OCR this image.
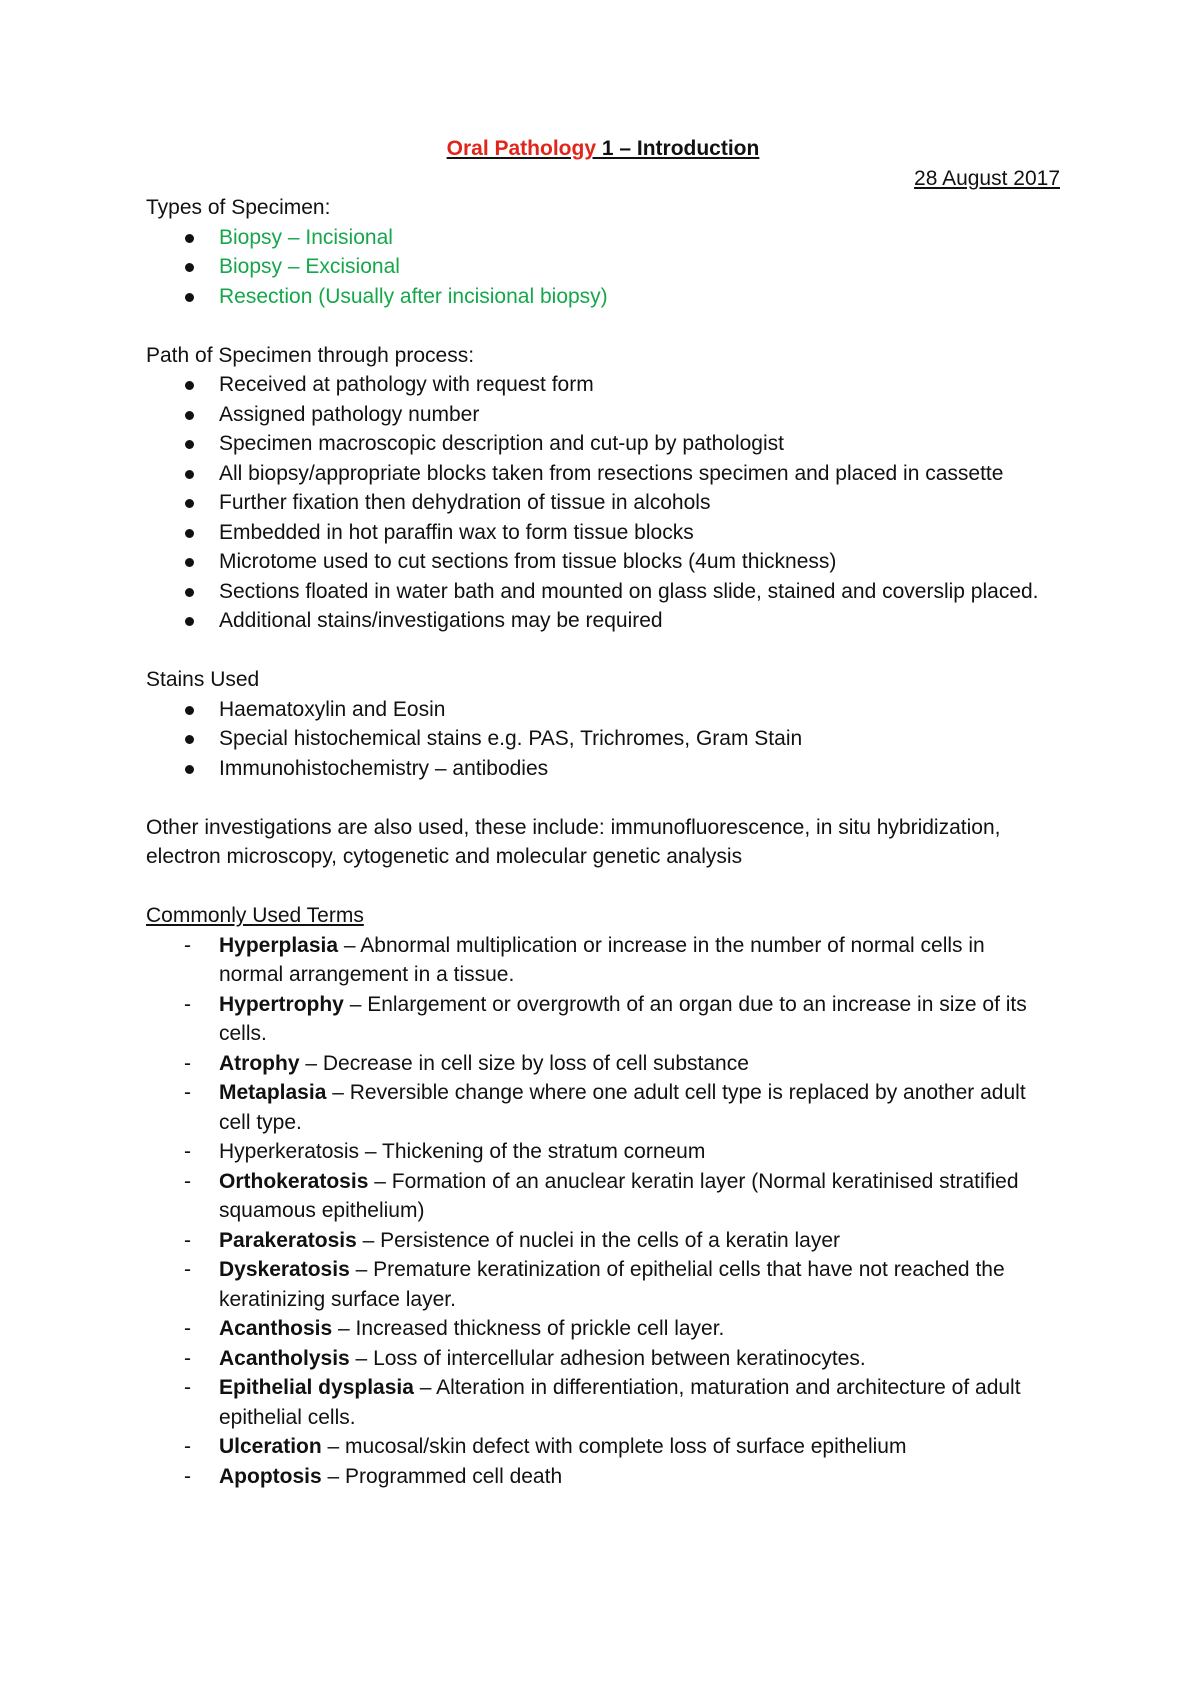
Oral Pathology 1 – Introduction
28 August 2017
Types of Specimen:
Biopsy – Incisional
Biopsy – Excisional
Resection (Usually after incisional biopsy)
Path of Specimen through process:
Received at pathology with request form
Assigned pathology number
Specimen macroscopic description and cut-up by pathologist
All biopsy/appropriate blocks taken from resections specimen and placed in cassette
Further fixation then dehydration of tissue in alcohols
Embedded in hot paraffin wax to form tissue blocks
Microtome used to cut sections from tissue blocks (4um thickness)
Sections floated in water bath and mounted on glass slide, stained and coverslip placed.
Additional stains/investigations may be required
Stains Used
Haematoxylin and Eosin
Special histochemical stains e.g. PAS, Trichromes, Gram Stain
Immunohistochemistry – antibodies
Other investigations are also used, these include: immunofluorescence, in situ hybridization, electron microscopy, cytogenetic and molecular genetic analysis
Commonly Used Terms
- Hyperplasia – Abnormal multiplication or increase in the number of normal cells in normal arrangement in a tissue.
- Hypertrophy – Enlargement or overgrowth of an organ due to an increase in size of its cells.
- Atrophy – Decrease in cell size by loss of cell substance
- Metaplasia – Reversible change where one adult cell type is replaced by another adult cell type.
- Hyperkeratosis – Thickening of the stratum corneum
- Orthokeratosis – Formation of an anuclear keratin layer (Normal keratinised stratified squamous epithelium)
- Parakeratosis – Persistence of nuclei in the cells of a keratin layer
- Dyskeratosis – Premature keratinization of epithelial cells that have not reached the keratinizing surface layer.
- Acanthosis – Increased thickness of prickle cell layer.
- Acantholysis – Loss of intercellular adhesion between keratinocytes.
- Epithelial dysplasia – Alteration in differentiation, maturation and architecture of adult epithelial cells.
- Ulceration – mucosal/skin defect with complete loss of surface epithelium
- Apoptosis – Programmed cell death
